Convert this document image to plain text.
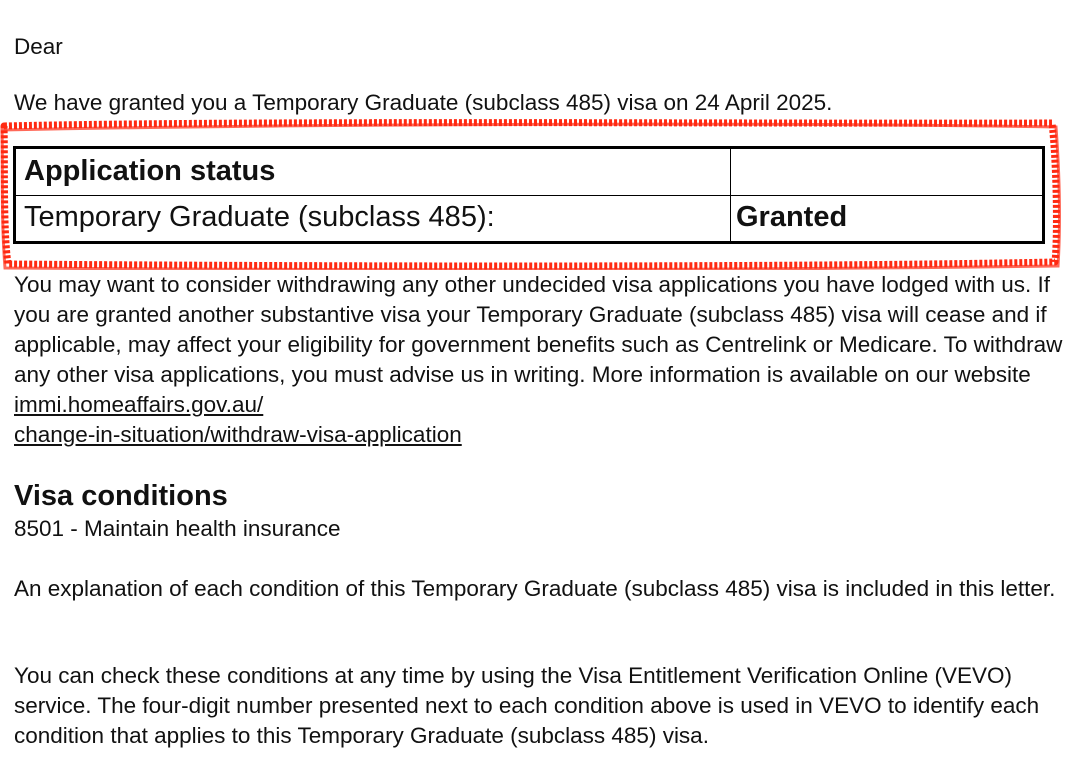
Dear

We have granted you a Temporary Graduate (subclass 485) visa on 24 April 2025.

Application status

Temporary Graduate (subclass 485):	Granted

You may want to consider withdrawing any other undecided visa applications you have lodged with us. If you are granted another substantive visa your Temporary Graduate (subclass 485) visa will cease and if applicable, may affect your eligibility for government benefits such as Centrelink or Medicare. To withdraw any other visa applications, you must advise us in writing. More information is available on our website immi.homeaffairs.gov.au/
change-in-situation/withdraw-visa-application

Visa conditions

8501 - Maintain health insurance

An explanation of each condition of this Temporary Graduate (subclass 485) visa is included in this letter.

You can check these conditions at any time by using the Visa Entitlement Verification Online (VEVO) service. The four-digit number presented next to each condition above is used in VEVO to identify each condition that applies to this Temporary Graduate (subclass 485) visa.
